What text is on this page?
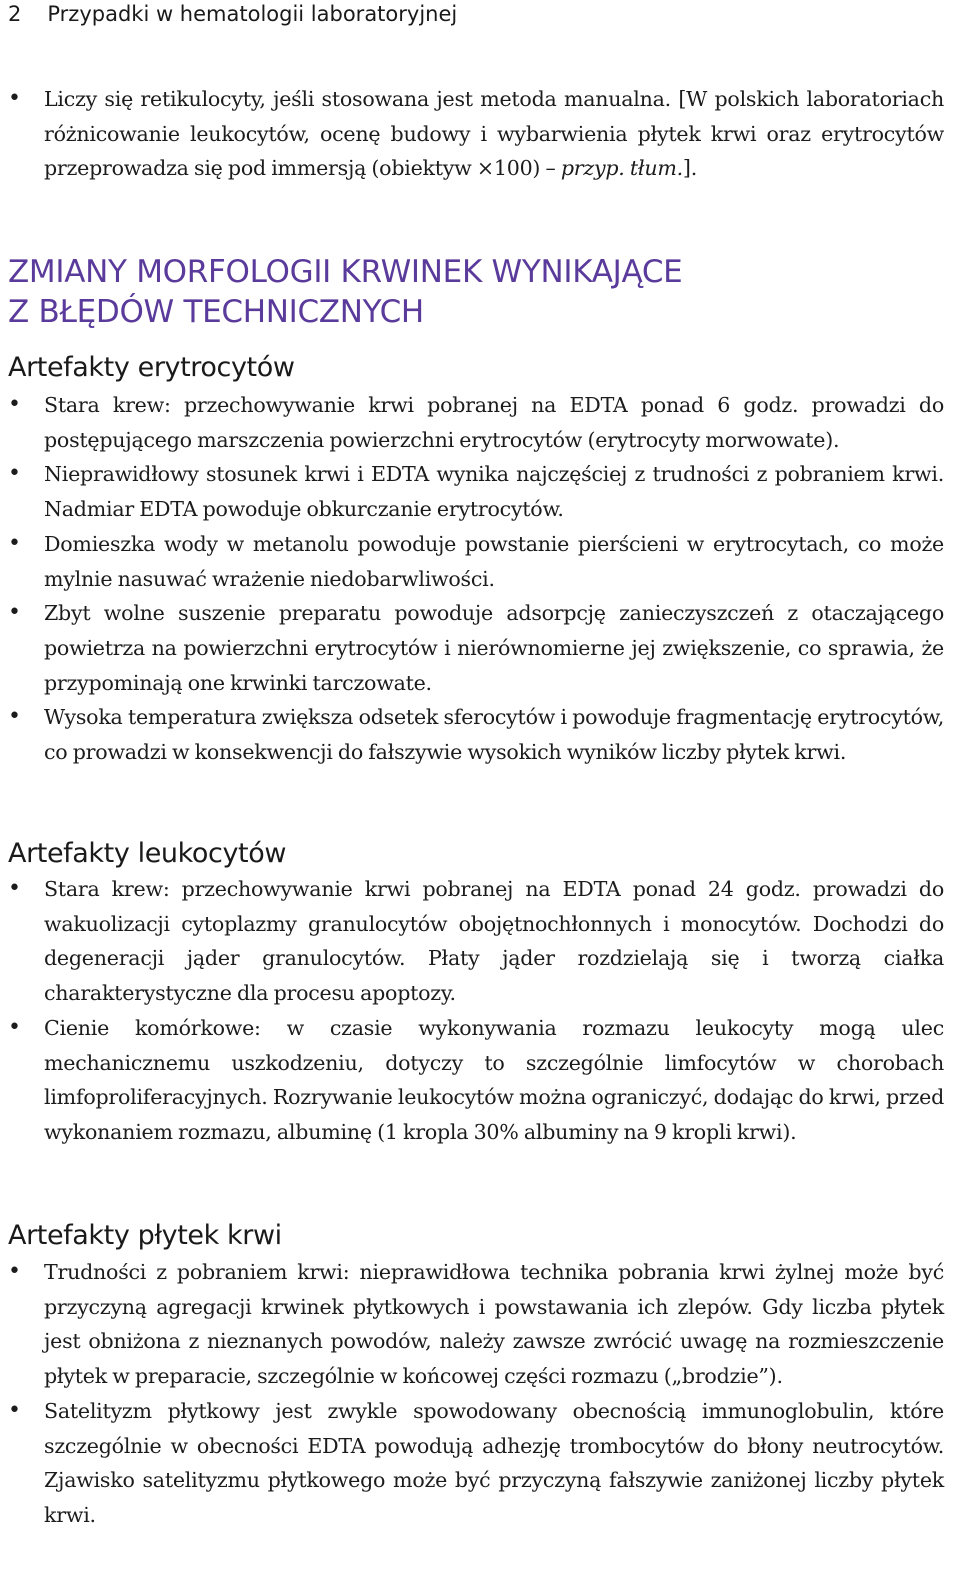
2 Przypadki w hematologii laboratoryjnej
• Liczy się retikulocyty, jeśli stosowana jest metoda manualna. [W polskich laboratoriach różnicowanie leukocytów, ocenę budowy i wybarwienia płytek krwi oraz erytrocytów przeprowadza się pod immersją (obiektyw ×100) – przyp. tłum.].
ZMIANY MORFOLOGII KRWINEK WYNIKAJĄCE
Z BŁĘDÓW TECHNICZNYCH
Artefakty erytrocytów
• Stara krew: przechowywanie krwi pobranej na EDTA ponad 6 godz. prowadzi do postępującego marszczenia powierzchni erytrocytów (erytrocyty morwowate).
• Nieprawidłowy stosunek krwi i EDTA wynika najczęściej z trudności z pobraniem krwi. Nadmiar EDTA powoduje obkurczanie erytrocytów.
• Domieszka wody w metanolu powoduje powstanie pierścieni w erytrocytach, co może mylnie nasuwać wrażenie niedobarwliwości.
• Zbyt wolne suszenie preparatu powoduje adsorpcję zanieczyszczeń z otaczającego powietrza na powierzchni erytrocytów i nierównomierne jej zwiększenie, co sprawia, że przypominają one krwinki tarczowate.
• Wysoka temperatura zwiększa odsetek sferocytów i powoduje fragmentację erytrocytów, co prowadzi w konsekwencji do fałszywie wysokich wyników liczby płytek krwi.
Artefakty leukocytów
• Stara krew: przechowywanie krwi pobranej na EDTA ponad 24 godz. prowadzi do wakuolizacji cytoplazmy granulocytów obojętnochłonnych i monocytów. Dochodzi do degeneracji jąder granulocytów. Płaty jąder rozdzielają się i tworzą ciałka charakterystyczne dla procesu apoptozy.
• Cienie komórkowe: w czasie wykonywania rozmazu leukocyty mogą ulec mechanicznemu uszkodzeniu, dotyczy to szczególnie limfocytów w chorobach limfoproliferacyjnych. Rozrywanie leukocytów można ograniczyć, dodając do krwi, przed wykonaniem rozmazu, albuminę (1 kropla 30% albuminy na 9 kropli krwi).
Artefakty płytek krwi
• Trudności z pobraniem krwi: nieprawidłowa technika pobrania krwi żylnej może być przyczyną agregacji krwinek płytkowych i powstawania ich zlepów. Gdy liczba płytek jest obniżona z nieznanych powodów, należy zawsze zwrócić uwagę na rozmieszczenie płytek w preparacie, szczególnie w końcowej części rozmazu („brodzie”).
• Satelityzm płytkowy jest zwykle spowodowany obecnością immunoglobulin, które szczególnie w obecności EDTA powodują adhezję trombocytów do błony neutrocytów. Zjawisko satelityzmu płytkowego może być przyczyną fałszywie zaniżonej liczby płytek krwi.
